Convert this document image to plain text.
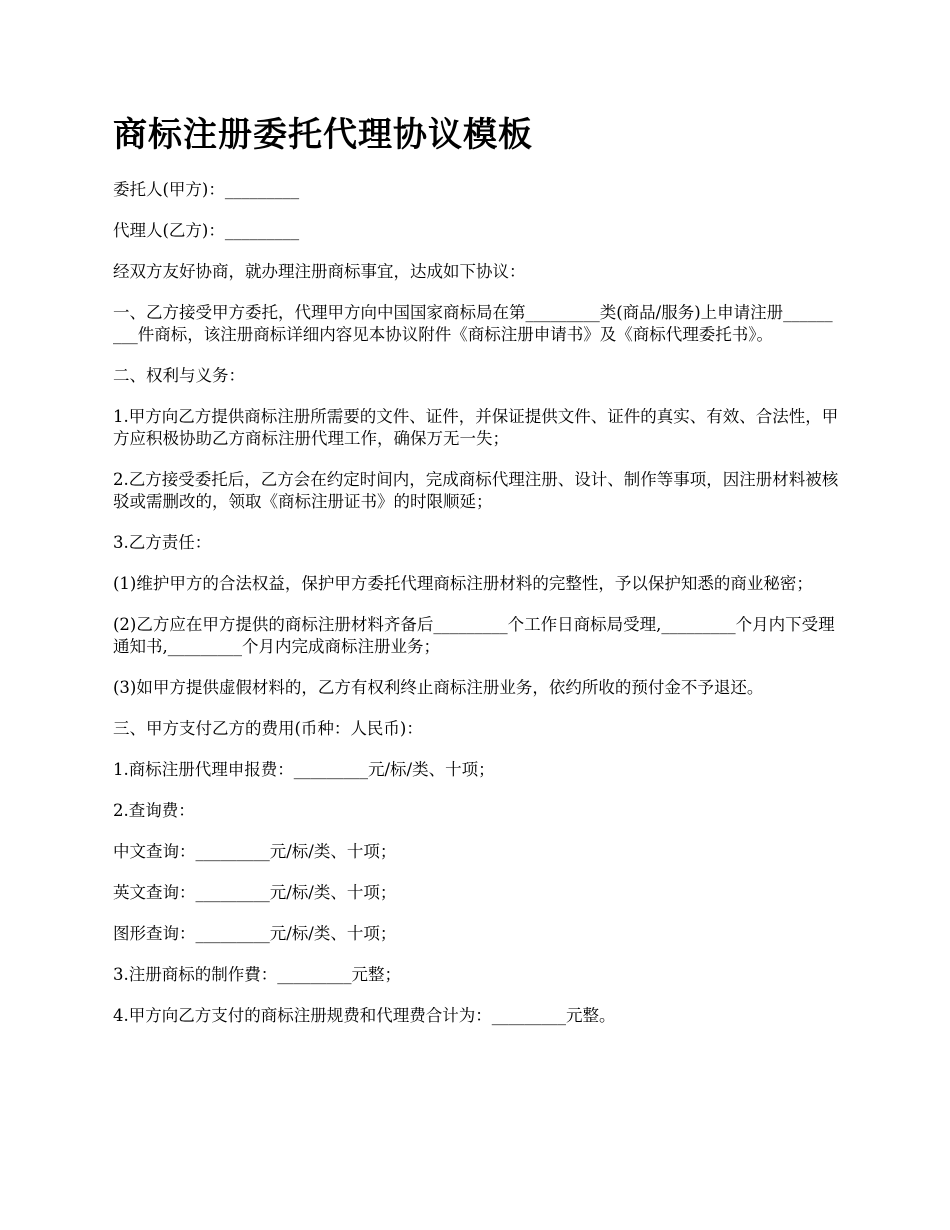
商标注册委托代理协议模板

委托人(甲方)：_________

代理人(乙方)：_________

经双方友好协商，就办理注册商标事宜，达成如下协议：

一、乙方接受甲方委托，代理甲方向中国国家商标局在第_________类(商品/服务)上申请注册_________件商标，该注册商标详细内容见本协议附件《商标注册申请书》及《商标代理委托书》。

二、权利与义务：

1.甲方向乙方提供商标注册所需要的文件、证件，并保证提供文件、证件的真实、有效、合法性，甲方应积极协助乙方商标注册代理工作，确保万无一失；

2.乙方接受委托后，乙方会在约定时间内，完成商标代理注册、设计、制作等事项，因注册材料被核驳或需删改的，领取《商标注册证书》的时限顺延；

3.乙方责任：

(1)维护甲方的合法权益，保护甲方委托代理商标注册材料的完整性，予以保护知悉的商业秘密；

(2)乙方应在甲方提供的商标注册材料齐备后_________个工作日商标局受理,_________个月内下受理通知书,_________个月内完成商标注册业务；

(3)如甲方提供虚假材料的，乙方有权利终止商标注册业务，依约所收的预付金不予退还。

三、甲方支付乙方的费用(币种：人民币)：

1.商标注册代理申报费：_________元/标/类、十项；

2.查询费：

中文查询：_________元/标/类、十项；

英文查询：_________元/标/类、十项；

图形查询：_________元/标/类、十项；

3.注册商标的制作費：_________元整；

4.甲方向乙方支付的商标注册规费和代理费合计为：_________元整。
